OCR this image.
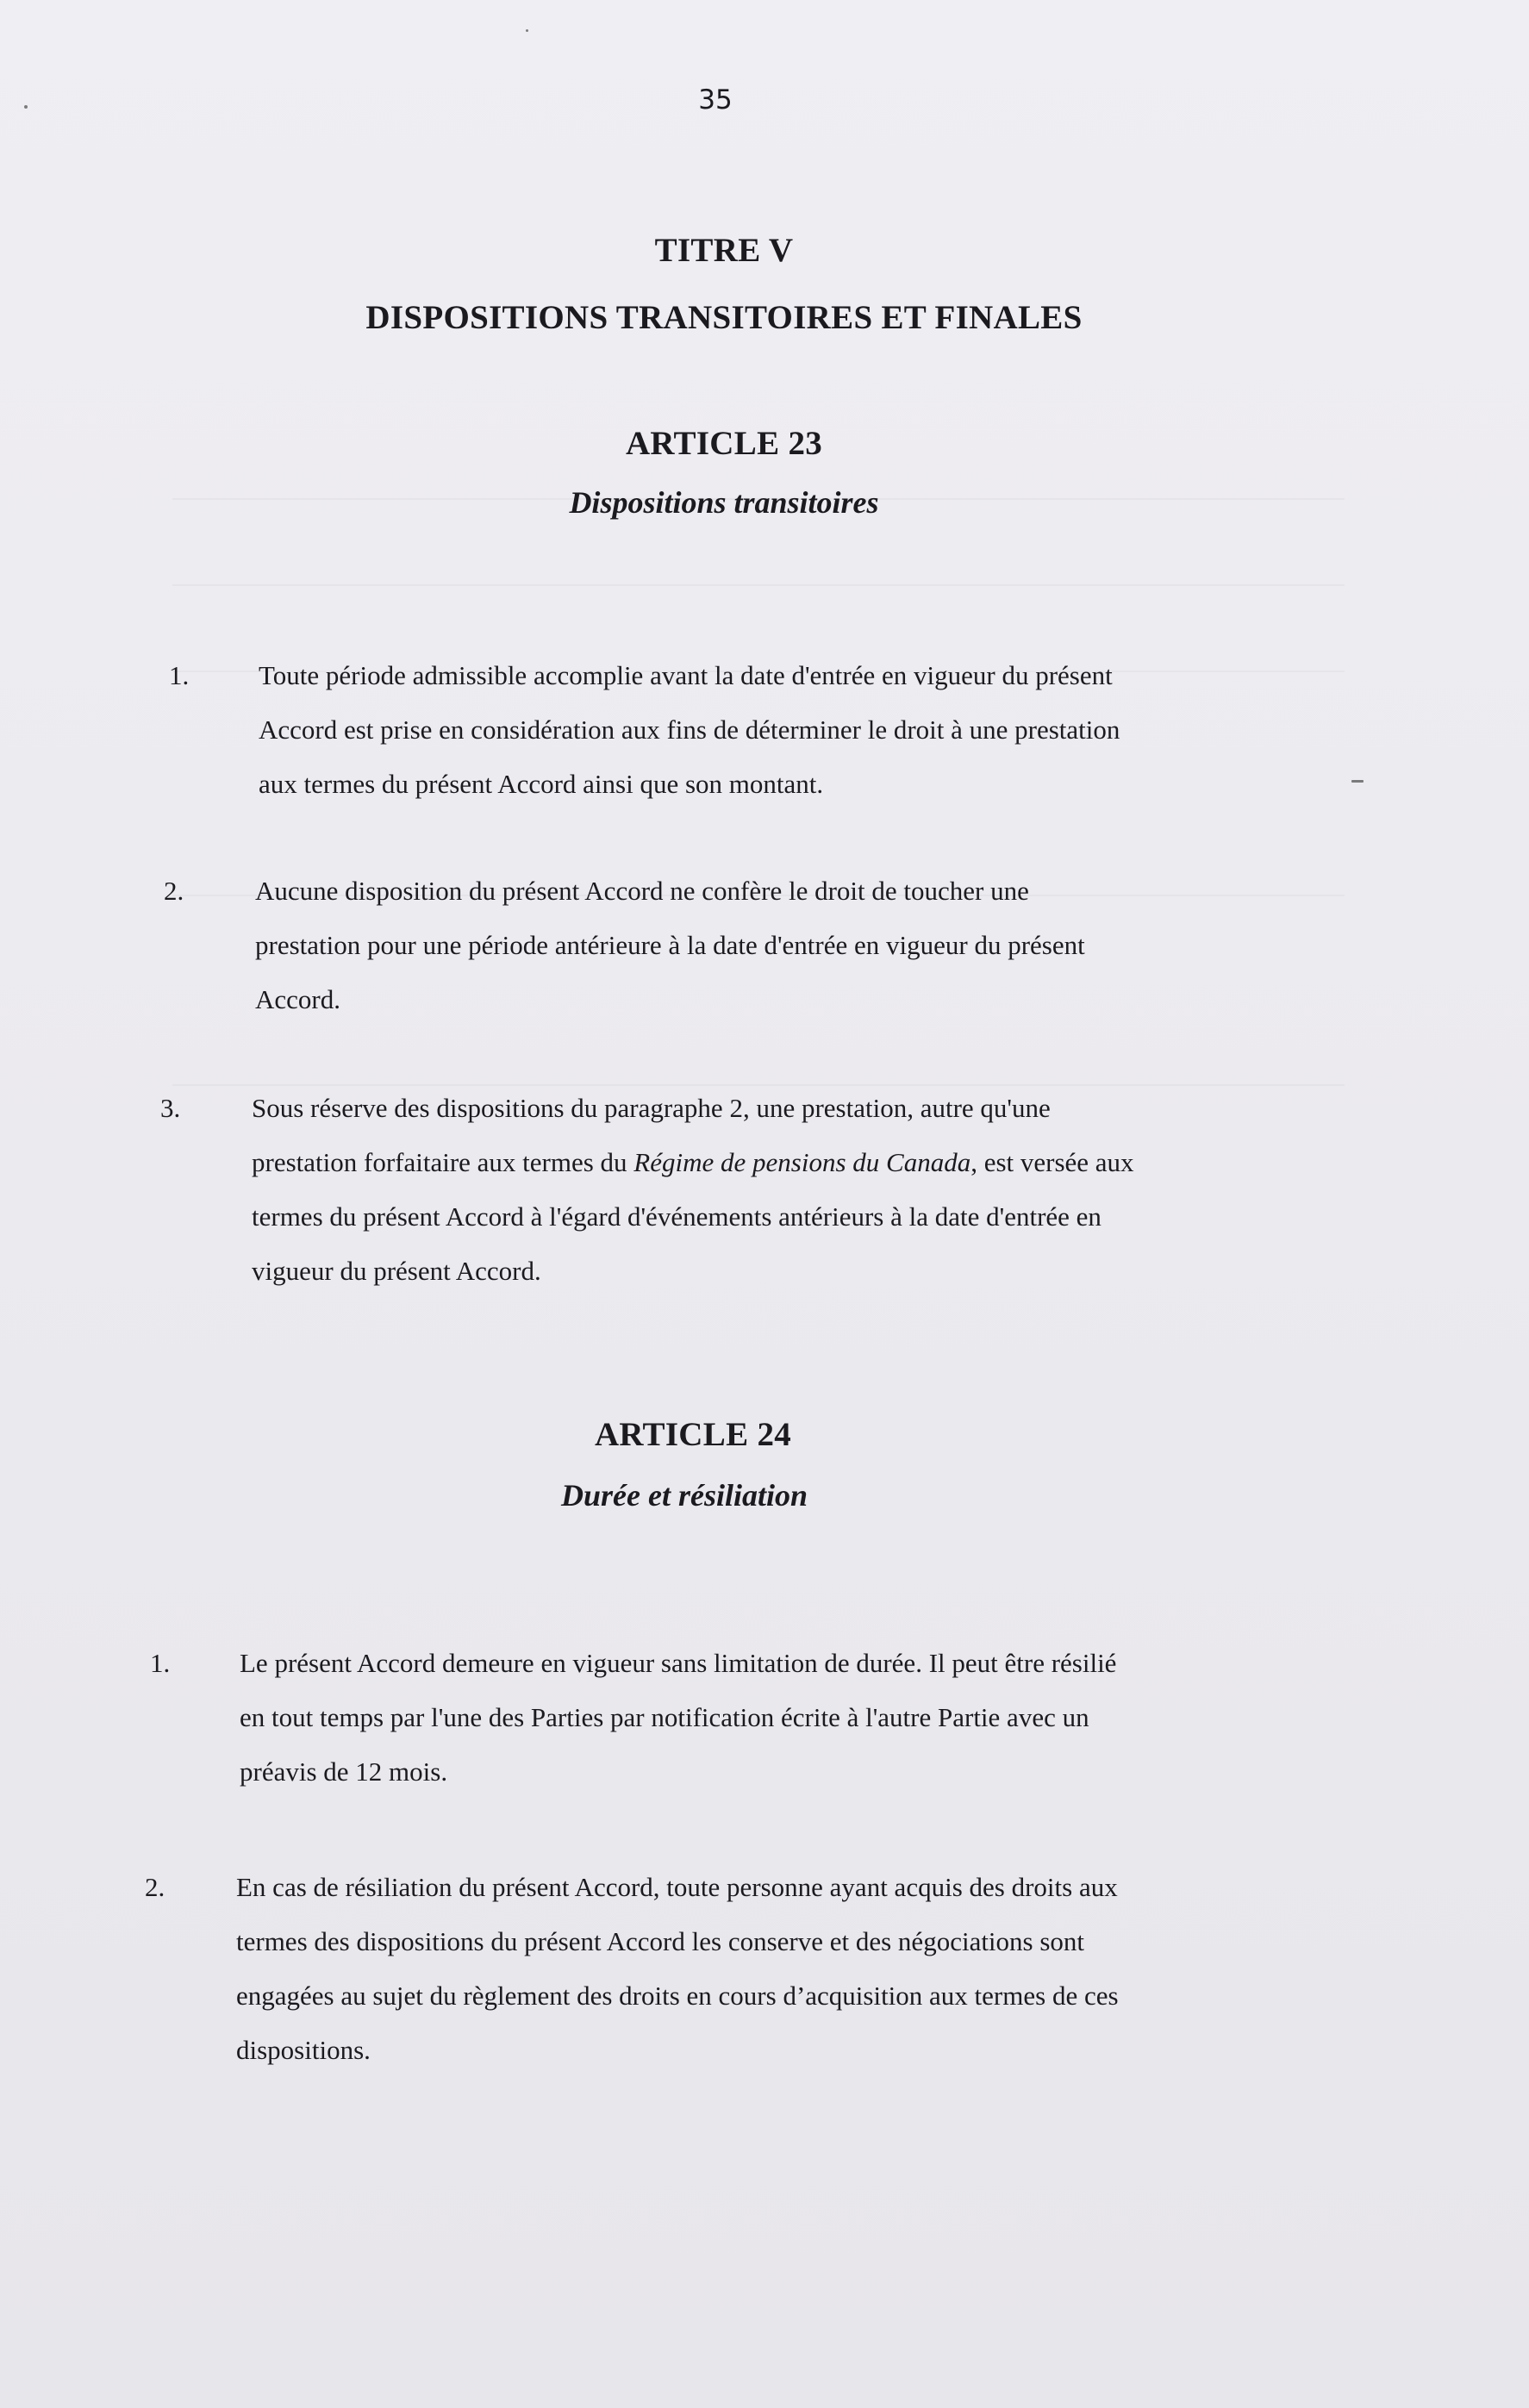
35
TITRE V
DISPOSITIONS TRANSITOIRES ET FINALES
ARTICLE 23
Dispositions transitoires
1.	Toute période admissible accomplie avant la date d'entrée en vigueur du présent
Accord est prise en considération aux fins de déterminer le droit à une prestation
aux termes du présent Accord ainsi que son montant.
2.	Aucune disposition du présent Accord ne confère le droit de toucher une
prestation pour une période antérieure à la date d'entrée en vigueur du présent
Accord.
3.	Sous réserve des dispositions du paragraphe 2, une prestation, autre qu'une
prestation forfaitaire aux termes du Régime de pensions du Canada, est versée aux
termes du présent Accord à l'égard d'événements antérieurs à la date d'entrée en
vigueur du présent Accord.
ARTICLE 24
Durée et résiliation
1.	Le présent Accord demeure en vigueur sans limitation de durée. Il peut être résilié
en tout temps par l'une des Parties par notification écrite à l'autre Partie avec un
préavis de 12 mois.
2.	En cas de résiliation du présent Accord, toute personne ayant acquis des droits aux
termes des dispositions du présent Accord les conserve et des négociations sont
engagées au sujet du règlement des droits en cours d’acquisition aux termes de ces
dispositions.
